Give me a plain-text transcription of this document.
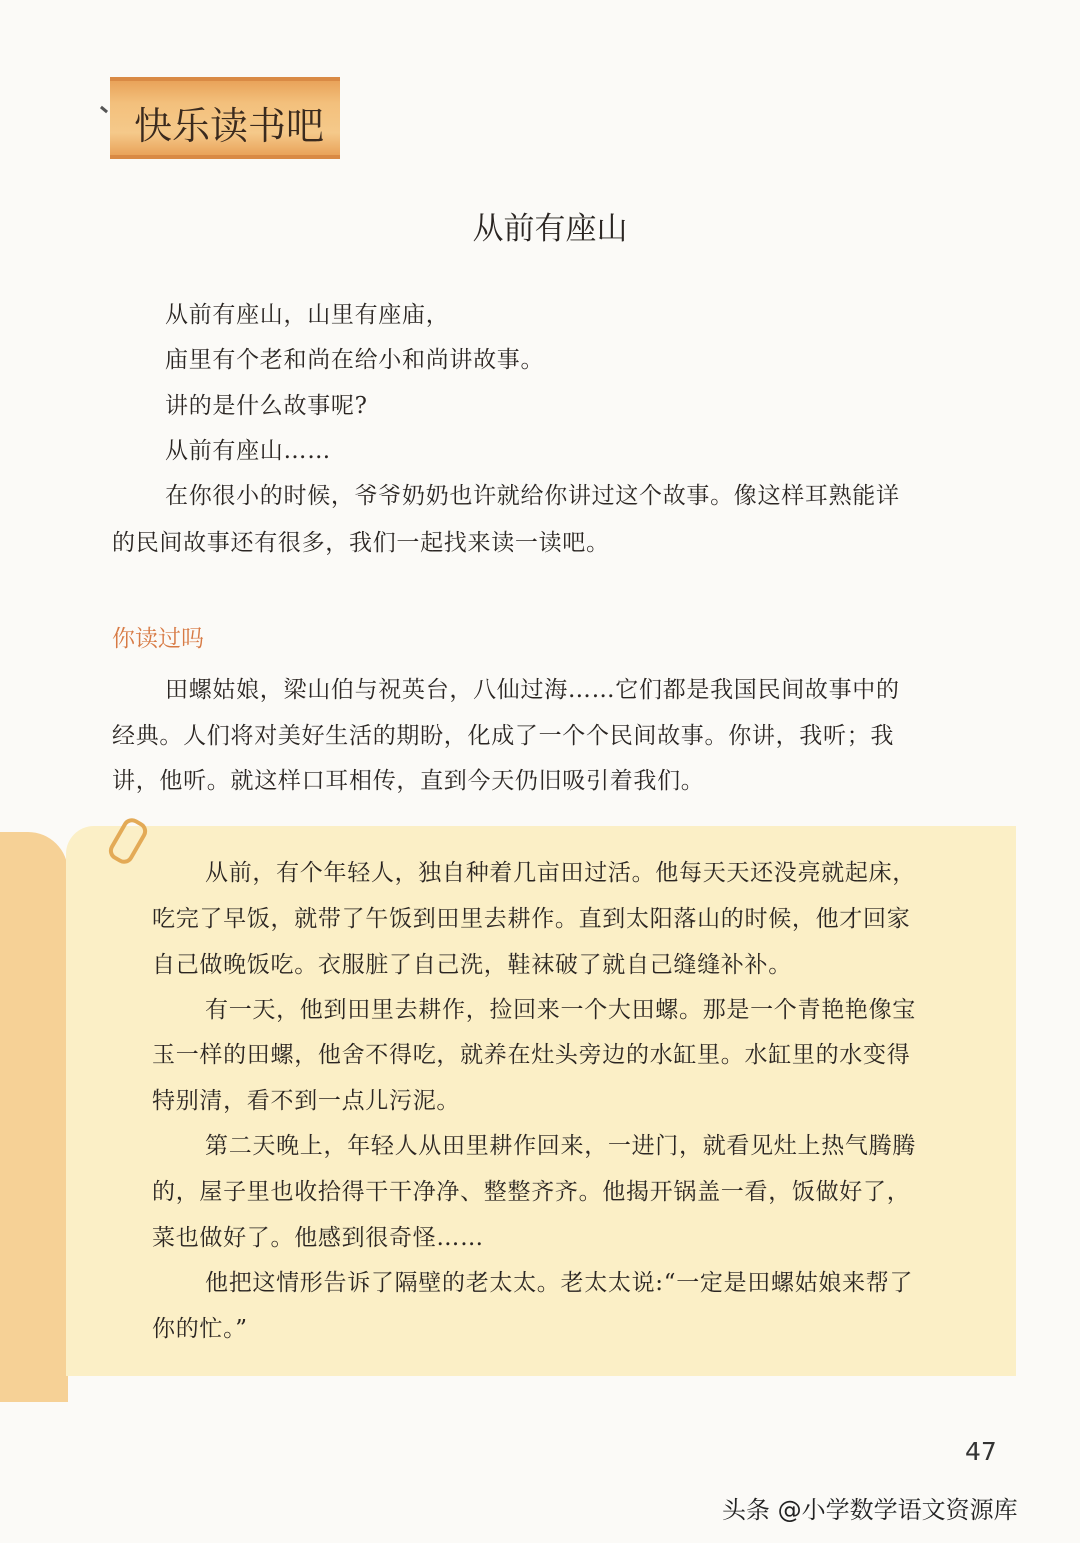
快乐读书吧
从前有座山
从前有座山，山里有座庙，
庙里有个老和尚在给小和尚讲故事。
讲的是什么故事呢?
从前有座山……
在你很小的时候，爷爷奶奶也许就给你讲过这个故事。像这样耳熟能详
的民间故事还有很多，我们一起找来读一读吧。
你读过吗
田螺姑娘，梁山伯与祝英台，八仙过海……它们都是我国民间故事中的
经典。人们将对美好生活的期盼，化成了一个个民间故事。你讲，我听；我
讲，他听。就这样口耳相传，直到今天仍旧吸引着我们。
从前，有个年轻人，独自种着几亩田过活。他每天天还没亮就起床，
吃完了早饭，就带了午饭到田里去耕作。直到太阳落山的时候，他才回家
自己做晚饭吃。衣服脏了自己洗，鞋袜破了就自己缝缝补补。
有一天，他到田里去耕作，捡回来一个大田螺。那是一个青艳艳像宝
玉一样的田螺，他舍不得吃，就养在灶头旁边的水缸里。水缸里的水变得
特别清，看不到一点儿污泥。
第二天晚上，年轻人从田里耕作回来，一进门，就看见灶上热气腾腾
的，屋子里也收拾得干干净净、整整齐齐。他揭开锅盖一看，饭做好了，
菜也做好了。他感到很奇怪……
他把这情形告诉了隔壁的老太太。老太太说:“一定是田螺姑娘来帮了
你的忙。”
47
头条 @小学数学语文资源库
